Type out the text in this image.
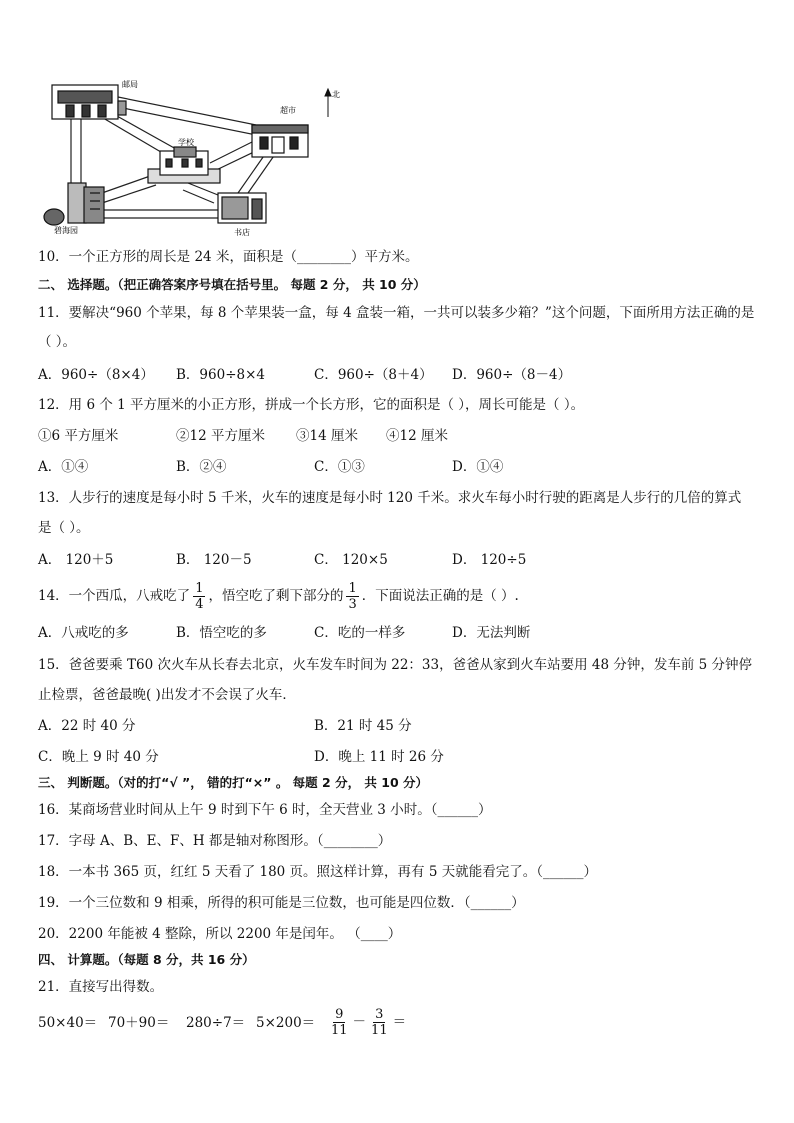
邮局
超市
北
学校
碧海园	书店
10．一个正方形的周长是 24 米，面积是（________）平方米。
二、 选择题。（把正确答案序号填在括号里。 每题 2 分， 共 10 分）
11．要解决“960 个苹果，每 8 个苹果装一盒，每 4 盒装一箱，一共可以装多少箱？”这个问题，下面所用方法正确的是
（ ）。
A．960÷（8×4） B．960÷8×4	C．960÷（8＋4） D．960÷（8－4）
12．用 6 个 1 平方厘米的小正方形，拼成一个长方形，它的面积是（ ），周长可能是（ ）。
①6 平方厘米	②12 平方厘米 ③14 厘米 ④12 厘米
A．①④	B．②④	C．①③	D．①④
13．人步行的速度是每小时 5 千米，火车的速度是每小时 120 千米。求火车每小时行驶的距离是人步行的几倍的算式
是（ ）。
A． 120＋5	B． 120－5	C． 120×5	D． 120÷5
14．一个西瓜，八戒吃了 $\frac{1}{4}$ ，悟空吃了剩下部分的 $\frac{1}{3}$ ．下面说法正确的是（ ）.
A．八戒吃的多	B．悟空吃的多	C．吃的一样多	D．无法判断
15．爸爸要乘 T60 次火车从长春去北京，火车发车时间为 22：33，爸爸从家到火车站要用 48 分钟，发车前 5 分钟停
止检票，爸爸最晚( )出发才不会误了火车．
A．22 时 40 分	B．21 时 45 分
C．晚上 9 时 40 分	D．晚上 11 时 26 分
三、 判断题。（对的打“√ ”， 错的打“×” 。 每题 2 分， 共 10 分）
16．某商场营业时间从上午 9 时到下午 6 时，全天营业 3 小时。（______）
17．字母 A、B、E、F、H 都是轴对称图形。（________）
18．一本书 365 页，红红 5 天看了 180 页。照这样计算，再有 5 天就能看完了。（______）
19．一个三位数和 9 相乘，所得的积可能是三位数，也可能是四位数．（______）
20．2200 年能被 4 整除，所以 2200 年是闰年。 （____）
四、 计算题。（每题 8 分，共 16 分）
21．直接写出得数。
$50\times 40= 70+90= 280\div 7= 5\times 200= \frac{9}{11} - \frac{3}{11}$ ＝
